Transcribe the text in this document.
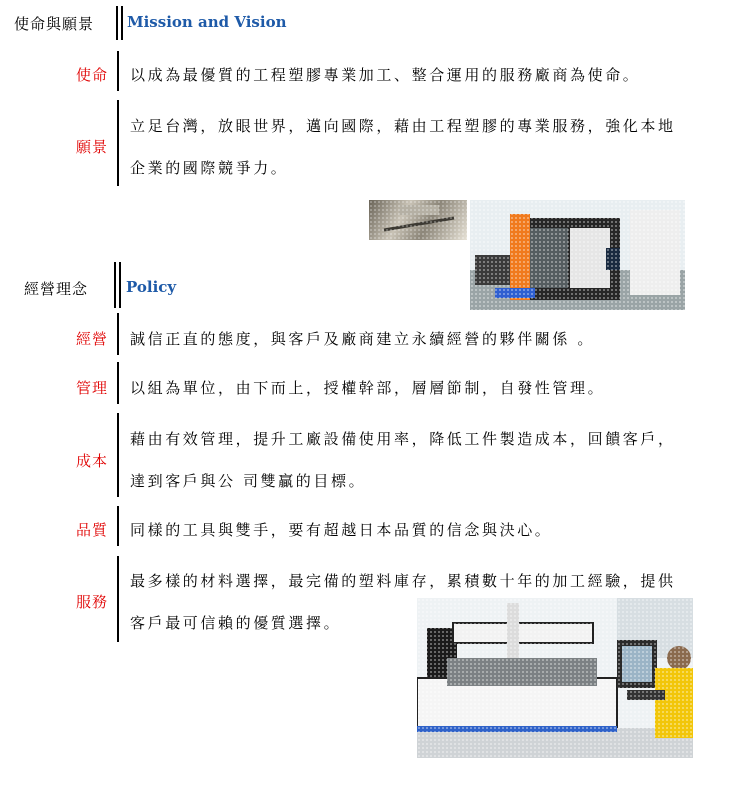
使命與願景 Mission and Vision
使命 以成為最優質的工程塑膠專業加工、整合運用的服務廠商為使命。
願景
立足台灣，放眼世界，邁向國際，藉由工程塑膠的專業服務，強化本地
企業的國際競爭力。
經營理念	Policy
經營 誠信正直的態度，與客戶及廠商建立永續經營的夥伴關係 。
管理 以組為單位，由下而上，授權幹部，層層節制，自發性管理。
成本
藉由有效管理，提升工廠設備使用率，降低工件製造成本，回饋客戶，
達到客戶與公 司雙贏的目標。
品質 同樣的工具與雙手，要有超越日本品質的信念與決心。
服務
最多樣的材料選擇，最完備的塑料庫存，累積數十年的加工經驗，提供
客戶最可信賴的優質選擇。
